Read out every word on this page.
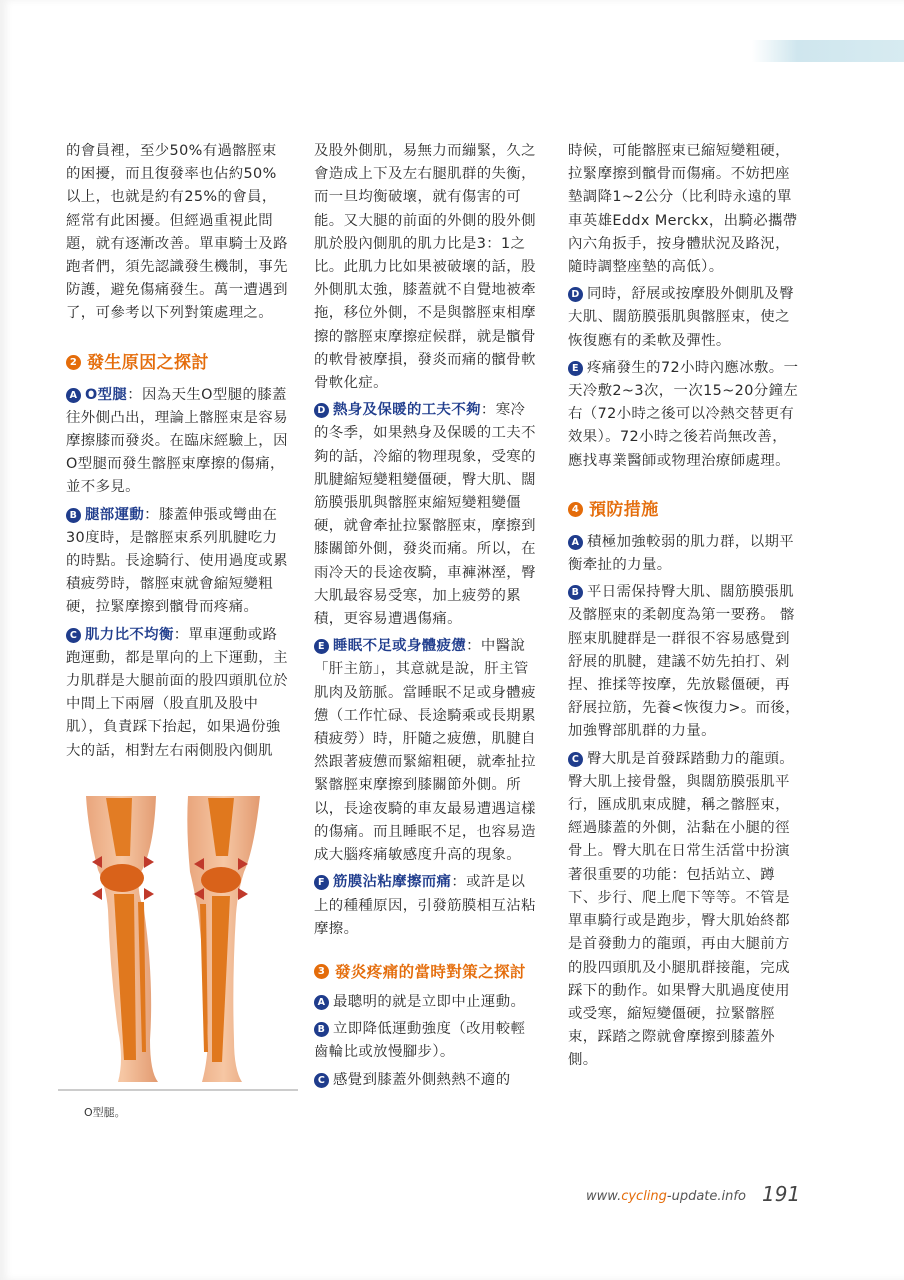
的會員裡，至少50%有過髂脛束的困擾，而且復發率也佔約50%以上，也就是約有25%的會員，經常有此困擾。但經過重視此問題，就有逐漸改善。單車騎士及路跑者們，須先認識發生機制，事先防護，避免傷痛發生。萬一遭遇到了，可參考以下列對策處理之。

2 發生原因之探討

A O型腿：因為天生O型腿的膝蓋往外側凸出，理論上髂脛束是容易摩擦膝而發炎。在臨床經驗上，因O型腿而發生髂脛束摩擦的傷痛，並不多見。

B 腿部運動：膝蓋伸張或彎曲在30度時，是髂脛束系列肌腱吃力的時點。長途騎行、使用過度或累積疲勞時，髂脛束就會縮短變粗硬，拉緊摩擦到髕骨而疼痛。

C 肌力比不均衡：單車運動或路跑運動，都是單向的上下運動，主力肌群是大腿前面的股四頭肌位於中間上下兩層（股直肌及股中肌），負責踩下抬起，如果過份強大的話，相對左右兩側股內側肌

O型腿。

及股外側肌，易無力而繃緊，久之會造成上下及左右腿肌群的失衡，而一旦均衡破壞，就有傷害的可能。又大腿的前面的外側的股外側肌於股內側肌的肌力比是3：1之比。此肌力比如果被破壞的話，股外側肌太強，膝蓋就不自覺地被牽拖，移位外側，不是與髂脛束相摩擦的髂脛束摩擦症候群，就是髕骨的軟骨被摩損，發炎而痛的髕骨軟骨軟化症。

D 熱身及保暖的工夫不夠：寒冷的冬季，如果熱身及保暖的工夫不夠的話，冷縮的物理現象，受寒的肌腱縮短變粗變僵硬，臀大肌、闊筋膜張肌與髂脛束縮短變粗變僵硬，就會牽扯拉緊髂脛束，摩擦到膝關節外側，發炎而痛。所以，在雨冷天的長途夜騎，車褲淋溼，臀大肌最容易受寒，加上疲勞的累積，更容易遭遇傷痛。

E 睡眠不足或身體疲憊：中醫說「肝主筋」，其意就是說，肝主管肌肉及筋脈。當睡眠不足或身體疲憊（工作忙碌、長途騎乘或長期累積疲勞）時，肝隨之疲憊，肌腱自然跟著疲憊而緊縮粗硬，就牽扯拉緊髂脛束摩擦到膝關節外側。所以，長途夜騎的車友最易遭遇這樣的傷痛。而且睡眠不足，也容易造成大腦疼痛敏感度升高的現象。

F 筋膜沾粘摩擦而痛：或許是以上的種種原因，引發筋膜相互沾粘摩擦。

3 發炎疼痛的當時對策之探討

A 最聰明的就是立即中止運動。

B 立即降低運動強度（改用較輕齒輪比或放慢腳步）。

C 感覺到膝蓋外側熱熱不適的

時候，可能髂脛束已縮短變粗硬，拉緊摩擦到髕骨而傷痛。不妨把座墊調降1~2公分（比利時永遠的單車英雄Eddx Merckx，出騎必攜帶內六角扳手，按身體狀況及路況，隨時調整座墊的高低）。

D 同時，舒展或按摩股外側肌及臀大肌、闊筋膜張肌與髂脛束，使之恢復應有的柔軟及彈性。

E 疼痛發生的72小時內應冰敷。一天冷敷2~3次，一次15~20分鐘左右（72小時之後可以冷熱交替更有效果）。72小時之後若尚無改善，應找專業醫師或物理治療師處理。

4 預防措施

A 積極加強較弱的肌力群，以期平衡牽扯的力量。

B 平日需保持臀大肌、闊筋膜張肌及髂脛束的柔韌度為第一要務。 髂脛束肌腱群是一群很不容易感覺到舒展的肌腱，建議不妨先拍打、剁捏、推揉等按摩，先放鬆僵硬，再舒展拉筋，先養<恢復力>。而後，加強臀部肌群的力量。

C 臀大肌是首發踩踏動力的龍頭。臀大肌上接骨盤，與闊筋膜張肌平行，匯成肌束成腱，稱之髂脛束，經過膝蓋的外側，沾黏在小腿的徑骨上。臀大肌在日常生活當中扮演著很重要的功能：包括站立、蹲下、步行、爬上爬下等等。不管是單車騎行或是跑步，臀大肌始終都是首發動力的龍頭，再由大腿前方的股四頭肌及小腿肌群接龍，完成踩下的動作。如果臀大肌過度使用或受寒，縮短變僵硬，拉緊髂脛束，踩踏之際就會摩擦到膝蓋外側。

www.cycling-update.info 191
